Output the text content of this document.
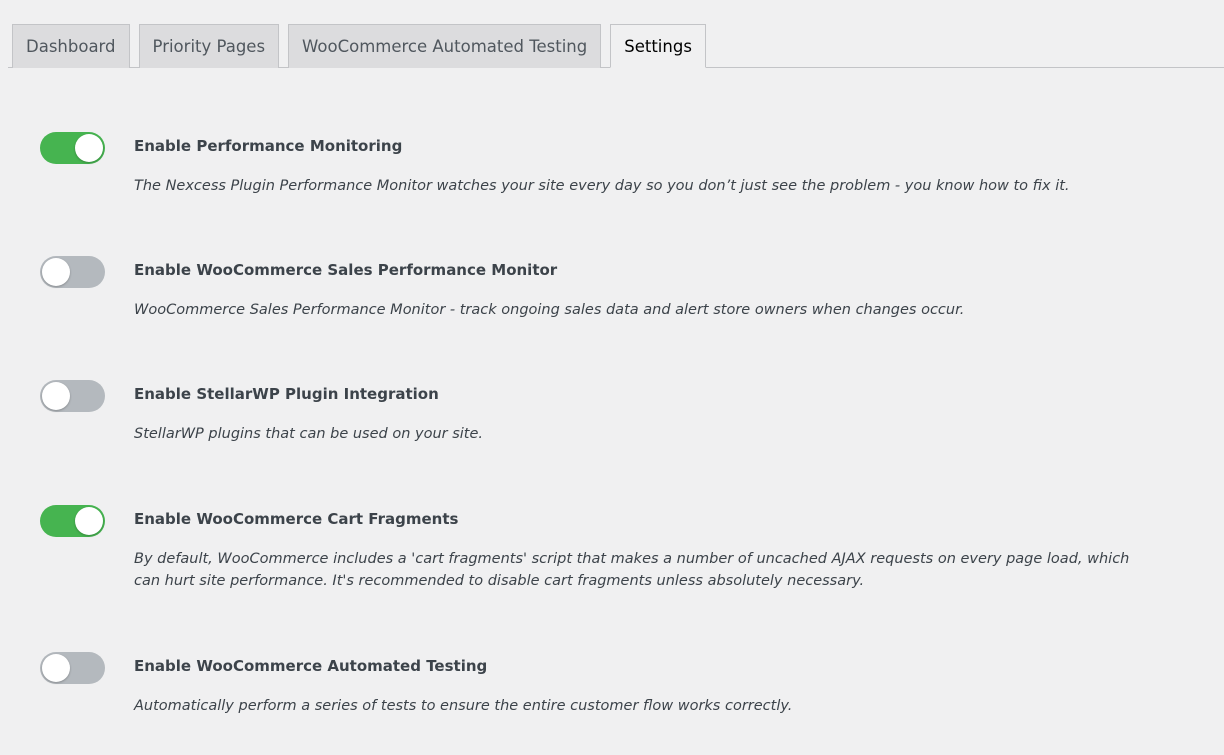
Dashboard	Priority Pages	WooCommerce Automated Testing	Settings
Enable Performance Monitoring
The Nexcess Plugin Performance Monitor watches your site every day so you don’t just see the problem - you know how to fix it.
Enable WooCommerce Sales Performance Monitor
WooCommerce Sales Performance Monitor - track ongoing sales data and alert store owners when changes occur.
Enable StellarWP Plugin Integration
StellarWP plugins that can be used on your site.
Enable WooCommerce Cart Fragments
By default, WooCommerce includes a 'cart fragments' script that makes a number of uncached AJAX requests on every page load, which can hurt site performance. It's recommended to disable cart fragments unless absolutely necessary.
Enable WooCommerce Automated Testing
Automatically perform a series of tests to ensure the entire customer flow works correctly.
